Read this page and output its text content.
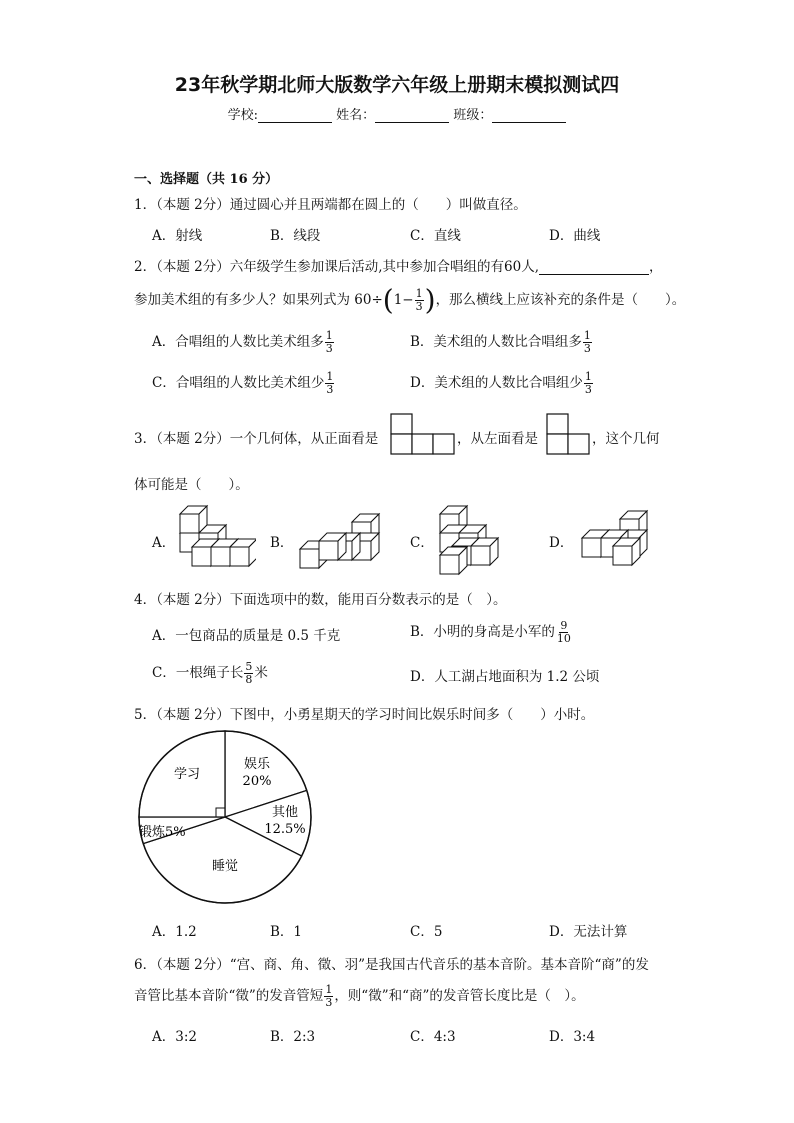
23年秋学期北师大版数学六年级上册期末模拟测试四
学校:	姓名：	班级：
一、选择题（共 16 分）
1．（本题 2分）通过圆心并且两端都在圆上的（　　）叫做直径。
A．射线	B．线段	C．直线	D．曲线
2．（本题 2分）六年级学生参加课后活动,其中参加合唱组的有60人,	，
参加美术组的有多少人？如果列式为 $60\div(1- \frac{1}{3}$ )，那么横线上应该补充的条件是（　　）。
A．合唱组的人数比美术组多 $\frac{1}{3}$	B．美术组的人数比合唱组多 $\frac{1}{3}$
C．合唱组的人数比美术组少 $\frac{1}{3}$	D．美术组的人数比合唱组少 $\frac{1}{3}$
3．（本题 2分）一个几何体，从正面看是	，从左面看是	，这个几何
体可能是（　　）。
A．	B．	C．	D．
4．（本题 2分）下面选项中的数，能用百分数表示的是（　）。
A．一包商品的质量是 0.5 千克	B．小明的身高是小军的 $\frac{9}{10}$
C．一根绳子长 $\frac{5}{8}$ 米	D．人工湖占地面积为 1.2 公顷
5．（本题 2分）下图中，小勇星期天的学习时间比娱乐时间多（　　）小时。
娱乐
20%
其他
12.5%
睡觉
锻炼5%
学习
A．1.2	B．1	C．5	D．无法计算
6．（本题 2分）“宫、商、角、徵、羽”是我国古代音乐的基本音阶。基本音阶“商”的发
音管比基本音阶“徵”的发音管短 $\frac{1}{3}$ ，则“徵”和“商”的发音管长度比是（　）。
A．3:2	B．2:3	C．4:3	D．3:4
